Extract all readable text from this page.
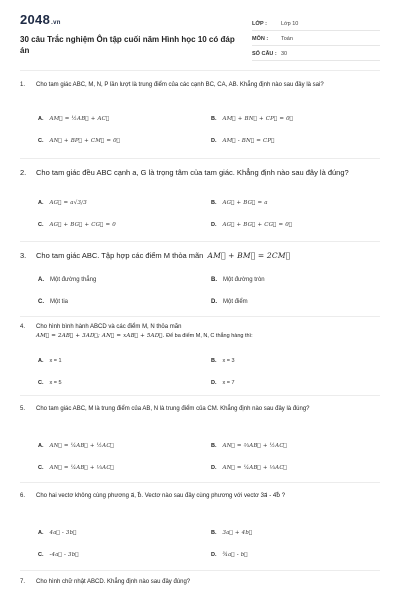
2048.vn
30 câu Trắc nghiệm Ôn tập cuối năm Hình học 10 có đáp án
LỚP :	Lớp 10
MÔN :	Toán
SỐ CÂU : 30
1.	Cho tam giác ABC, M, N, P lần lượt là trung điểm của các cạnh BC, CA, AB. Khẳng định nào sau đây là sai?
A. AM⃗ = ½AB⃗ + AC⃗	B. AM⃗ + BN⃗ + CP⃗ = 0⃗
C. AN⃗ + BP⃗ + CM⃗ = 0⃗	D. AM⃗ - BN⃗ = CP⃗
2.	Cho tam giác đều ABC cạnh a, G là trọng tâm của tam giác. Khẳng định nào sau đây là đúng?
A. AG⃗ = a√3/3	B. AG⃗ + BG⃗ = a
C. AG⃗ + BG⃗ + CG⃗ = 0	D. AG⃗ + BG⃗ + CG⃗ = 0⃗
3.	Cho tam giác ABC. Tập hợp các điểm M thỏa mãn AM⃗ + BM⃗ = 2CM⃗
A. Một đường thẳng	B. Một đường tròn
C. Một tia	D. Một điểm
4.	Cho hình bình hành ABCD và các điểm M, N thỏa mãn
AM⃗ = 2AB⃗ + 3AD⃗; AN⃗ = xAB⃗ + 5AD⃗. Để ba điểm M, N, C thẳng hàng thì:
A. x = 1	B. x = 3
C. x = 5	D. x = 7
5.	Cho tam giác ABC, M là trung điểm của AB, N là trung điểm của CM. Khẳng định nào sau đây là đúng?
A. AN⃗ = ¼AB⃗ + ½AC⃗	B. AN⃗ = ⅔AB⃗ + ½AC⃗
C. AN⃗ = ¼AB⃗ + ⅓AC⃗	D. AN⃗ = ¼AB⃗ + ⅓AC⃗
6.	Cho hai vectơ không cùng phương a⃗, b⃗. Vectơ nào sau đây cùng phương với vectơ 3a⃗ - 4b⃗ ?
A. 4a⃗ - 3b⃗	B. 3a⃗ + 4b⃗
C. -4a⃗ - 3b⃗	D. ¾a⃗ - b⃗
7.	Cho hình chữ nhật ABCD. Khẳng định nào sau đây đúng?
